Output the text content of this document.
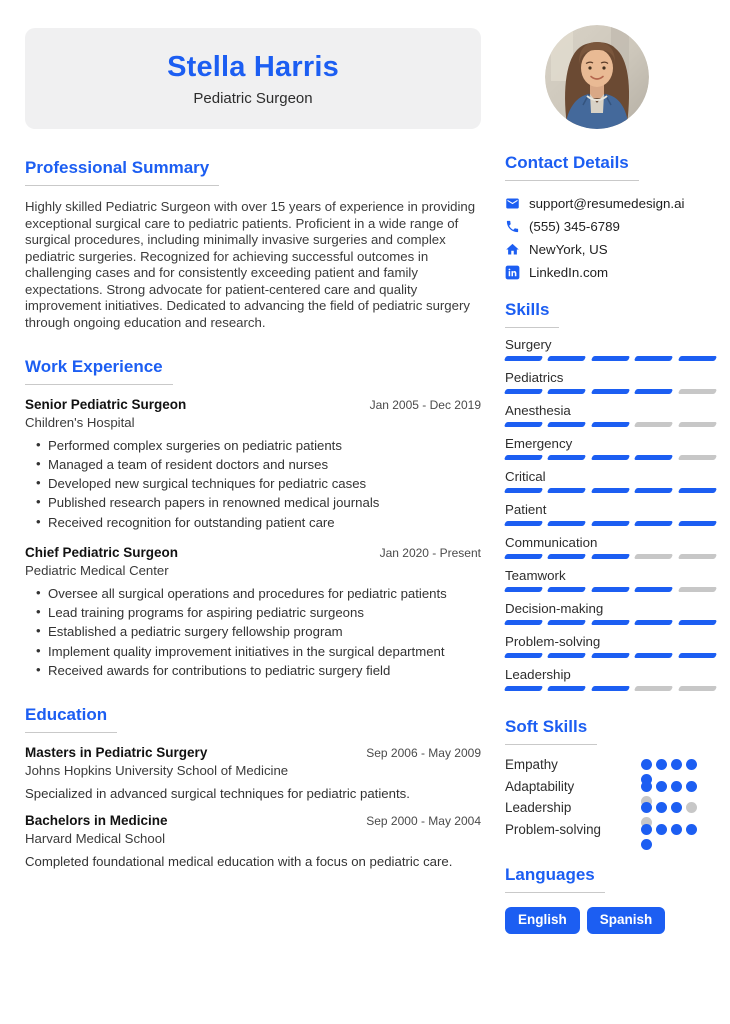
Stella Harris
Pediatric Surgeon
Professional Summary

Highly skilled Pediatric Surgeon with over 15 years of experience in providing exceptional surgical care to pediatric patients. Proficient in a wide range of surgical procedures, including minimally invasive surgeries and complex pediatric surgeries. Recognized for achieving successful outcomes in challenging cases and for consistently exceeding patient and family expectations. Strong advocate for patient-centered care and quality improvement initiatives. Dedicated to advancing the field of pediatric surgery through ongoing education and research.

Work Experience
Senior Pediatric Surgeon	Jan 2005 - Dec 2019
Children's Hospital
• Performed complex surgeries on pediatric patients
• Managed a team of resident doctors and nurses
• Developed new surgical techniques for pediatric cases
• Published research papers in renowned medical journals
• Received recognition for outstanding patient care
Chief Pediatric Surgeon	Jan 2020 - Present
Pediatric Medical Center
• Oversee all surgical operations and procedures for pediatric patients
• Lead training programs for aspiring pediatric surgeons
• Established a pediatric surgery fellowship program
• Implement quality improvement initiatives in the surgical department
• Received awards for contributions to pediatric surgery field
Education
Masters in Pediatric Surgery	Sep 2006 - May 2009
Johns Hopkins University School of Medicine

Specialized in advanced surgical techniques for pediatric patients.

Bachelors in Medicine	Sep 2000 - May 2004
Harvard Medical School

Completed foundational medical education with a focus on pediatric care.

Contact Details
support@resumedesign.ai
(555) 345-6789
NewYork, US
LinkedIn.com
Skills
Surgery
Pediatrics
Anesthesia
Emergency
Critical
Patient
Communication
Teamwork
Decision-making
Problem-solving
Leadership
Soft Skills
Empathy
Adaptability
Leadership
Problem-solving
Languages
English	Spanish
